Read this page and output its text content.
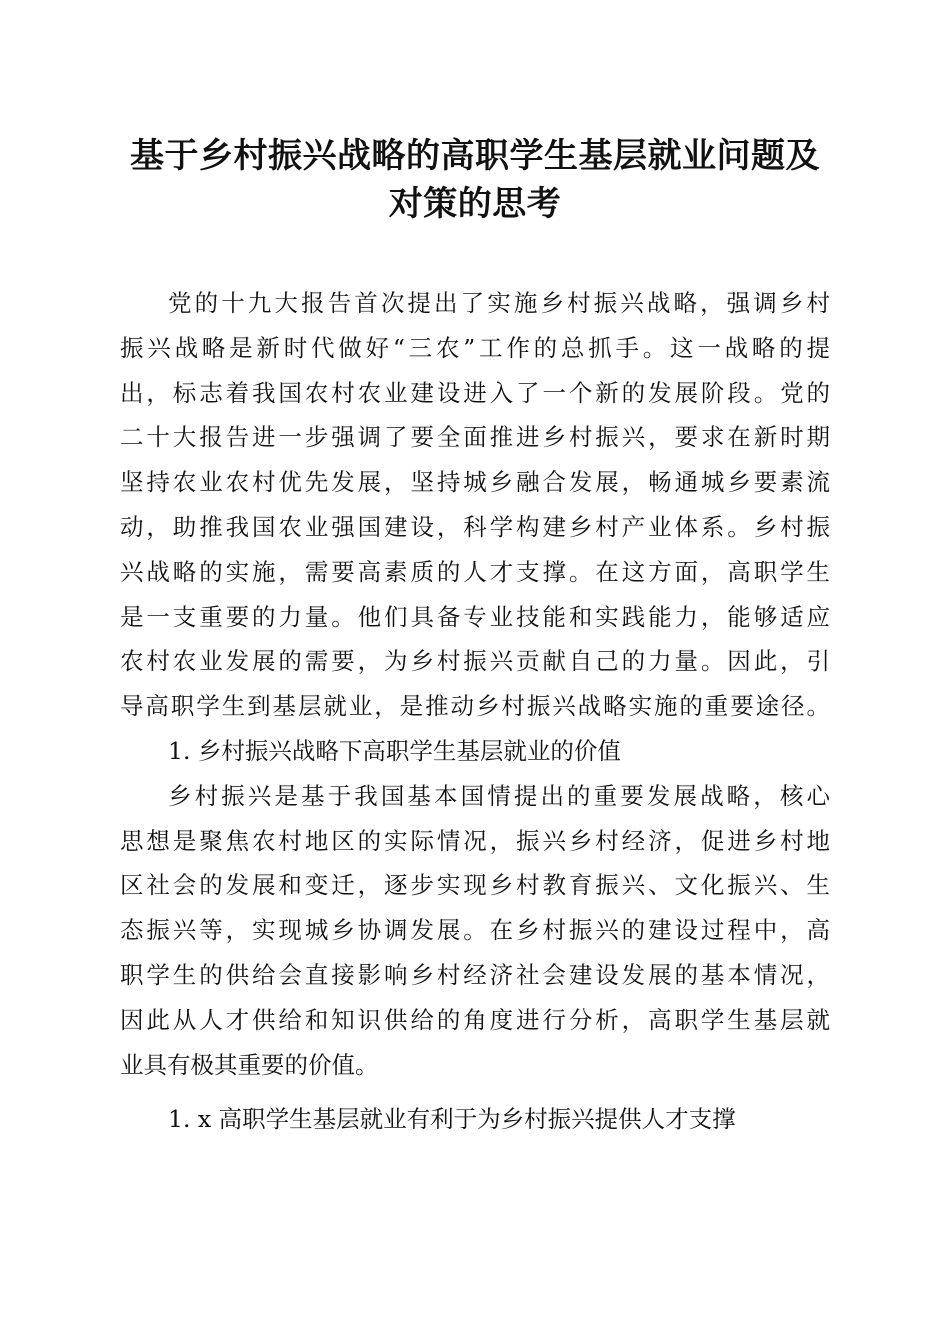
基于乡村振兴战略的高职学生基层就业问题及
对策的思考
党的十九大报告首次提出了实施乡村振兴战略，强调乡村
振兴战略是新时代做好“三农”工作的总抓手。这一战略的提
出，标志着我国农村农业建设进入了一个新的发展阶段。党的
二十大报告进一步强调了要全面推进乡村振兴，要求在新时期
坚持农业农村优先发展，坚持城乡融合发展，畅通城乡要素流
动，助推我国农业强国建设，科学构建乡村产业体系。乡村振
兴战略的实施，需要高素质的人才支撑。在这方面，高职学生
是一支重要的力量。他们具备专业技能和实践能力，能够适应
农村农业发展的需要，为乡村振兴贡献自己的力量。因此，引
导高职学生到基层就业，是推动乡村振兴战略实施的重要途径。
1. 乡村振兴战略下高职学生基层就业的价值
乡村振兴是基于我国基本国情提出的重要发展战略，核心
思想是聚焦农村地区的实际情况，振兴乡村经济，促进乡村地
区社会的发展和变迁，逐步实现乡村教育振兴、文化振兴、生
态振兴等，实现城乡协调发展。在乡村振兴的建设过程中，高
职学生的供给会直接影响乡村经济社会建设发展的基本情况，
因此从人才供给和知识供给的角度进行分析，高职学生基层就
业具有极其重要的价值。
1. x 高职学生基层就业有利于为乡村振兴提供人才支撑
